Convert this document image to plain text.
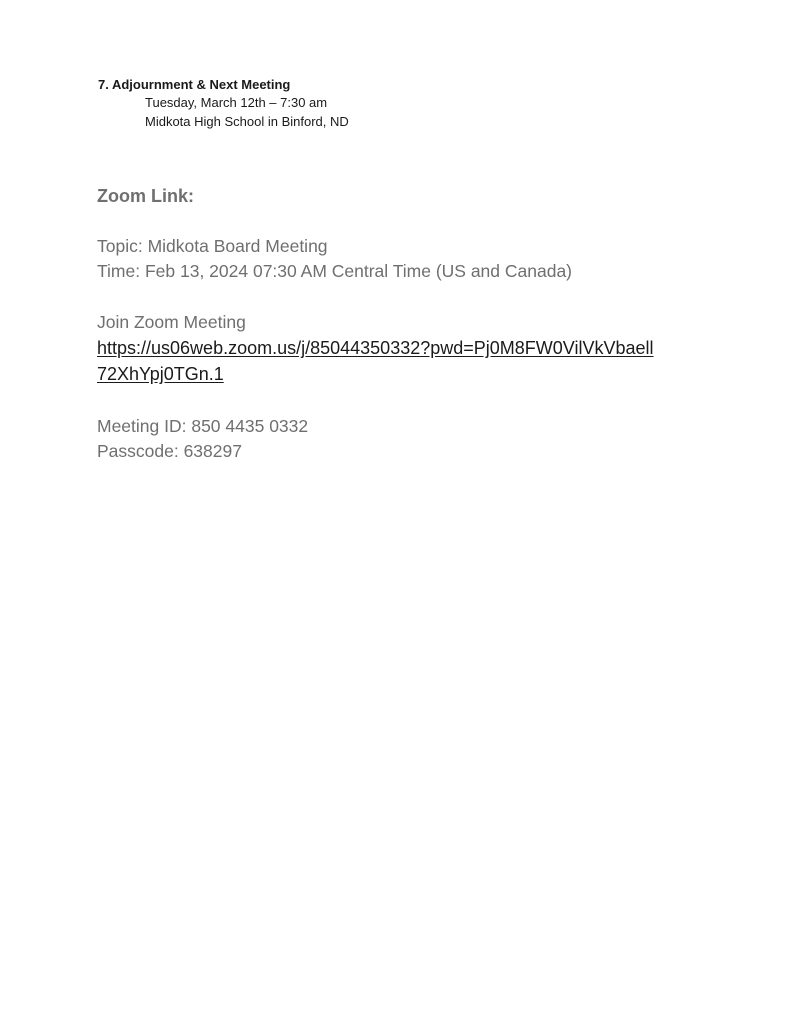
7. Adjournment & Next Meeting

Tuesday, March 12th – 7:30 am

Midkota High School in Binford, ND

Zoom Link:

Topic: Midkota Board Meeting

Time: Feb 13, 2024 07:30 AM Central Time (US and Canada)

Join Zoom Meeting

https://us06web.zoom.us/j/85044350332?pwd=Pj0M8FW0VilVkVbaell
72XhYpj0TGn.1

Meeting ID: 850 4435 0332

Passcode: 638297
